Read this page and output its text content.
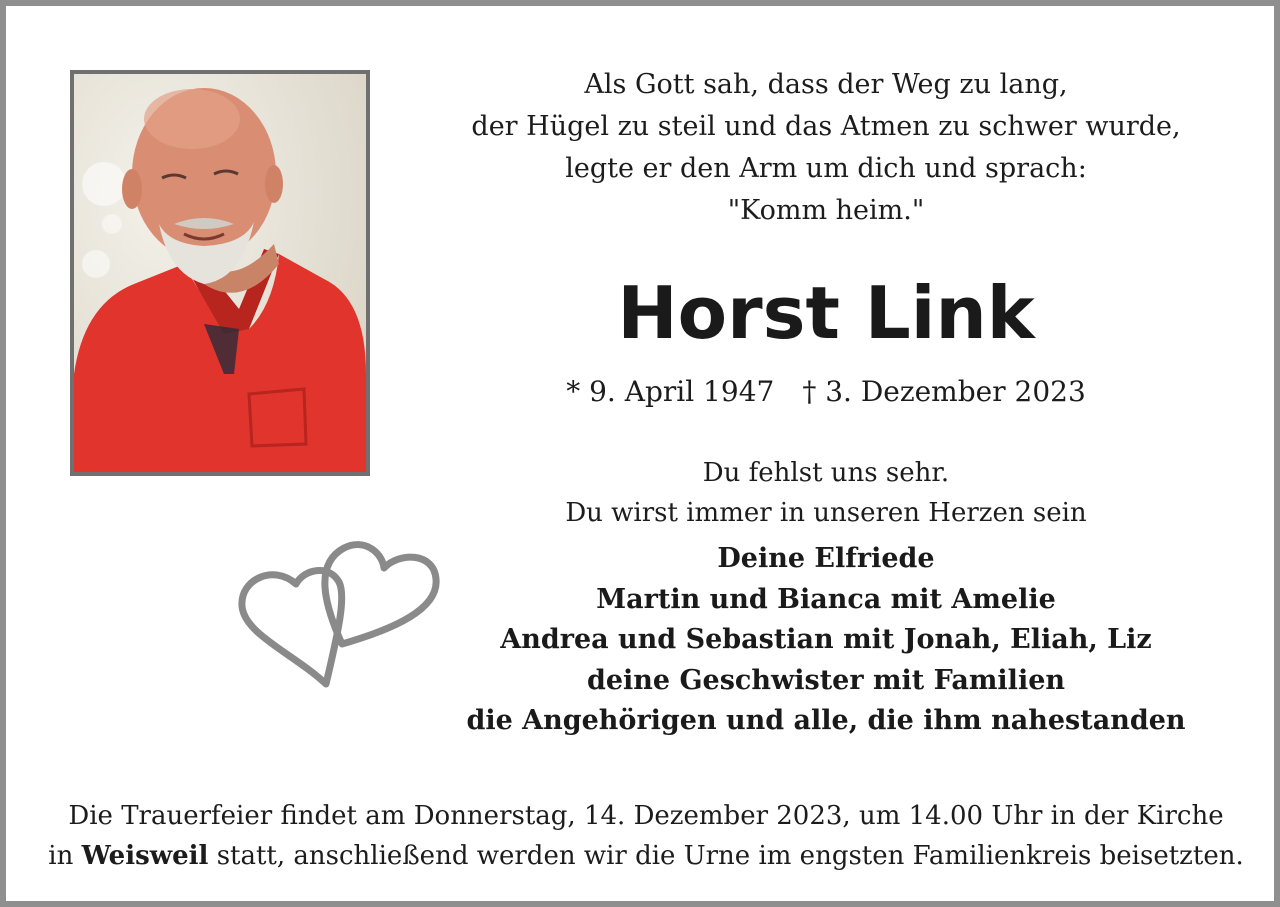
Als Gott sah, dass der Weg zu lang,
der Hügel zu steil und das Atmen zu schwer wurde,
legte er den Arm um dich und sprach:
"Komm heim."
Horst Link
* 9. April 1947 † 3. Dezember 2023
Du fehlst uns sehr.
Du wirst immer in unseren Herzen sein
Deine Elfriede
Martin und Bianca mit Amelie
Andrea und Sebastian mit Jonah, Eliah, Liz
deine Geschwister mit Familien
die Angehörigen und alle, die ihm nahestanden
Die Trauerfeier findet am Donnerstag, 14. Dezember 2023, um 14.00 Uhr in der Kirche
in Weisweil statt, anschließend werden wir die Urne im engsten Familienkreis beisetzten.
